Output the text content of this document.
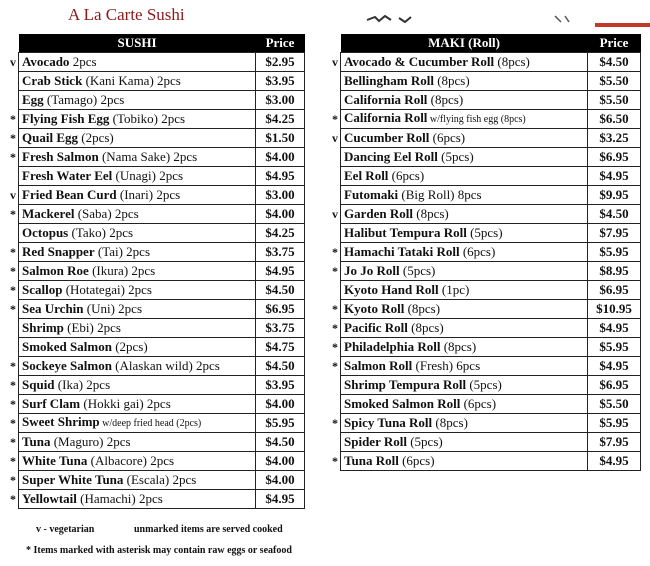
A La Carte Sushi
	SUSHI	Price
v	Avocado 2pcs	$2.95
	Crab Stick (Kani Kama) 2pcs	$3.95
	Egg (Tamago) 2pcs	$3.00
*	Flying Fish Egg (Tobiko) 2pcs	$4.25
*	Quail Egg (2pcs)	$1.50
*	Fresh Salmon (Nama Sake) 2pcs	$4.00
	Fresh Water Eel (Unagi) 2pcs	$4.95
v	Fried Bean Curd (Inari) 2pcs	$3.00
*	Mackerel (Saba) 2pcs	$4.00
	Octopus (Tako) 2pcs	$4.25
*	Red Snapper (Tai) 2pcs	$3.75
*	Salmon Roe (Ikura) 2pcs	$4.95
*	Scallop (Hotategai) 2pcs	$4.50
*	Sea Urchin (Uni) 2pcs	$6.95
	Shrimp (Ebi) 2pcs	$3.75
	Smoked Salmon (2pcs)	$4.75
*	Sockeye Salmon (Alaskan wild) 2pcs	$4.50
*	Squid (Ika) 2pcs	$3.95
*	Surf Clam (Hokki gai) 2pcs	$4.00
*	Sweet Shrimp w/deep fried head (2pcs)	$5.95
*	Tuna (Maguro) 2pcs	$4.50
*	White Tuna (Albacore) 2pcs	$4.00
*	Super White Tuna (Escala) 2pcs	$4.00
*	Yellowtail (Hamachi) 2pcs	$4.95
	MAKI (Roll)	Price
v	Avocado & Cucumber Roll (8pcs)	$4.50
	Bellingham Roll (8pcs)	$5.50
	California Roll (8pcs)	$5.50
*	California Roll w/flying fish egg (8pcs)	$6.50
v	Cucumber Roll (6pcs)	$3.25
	Dancing Eel Roll (5pcs)	$6.95
	Eel Roll (6pcs)	$4.95
	Futomaki (Big Roll) 8pcs	$9.95
v	Garden Roll (8pcs)	$4.50
	Halibut Tempura Roll (5pcs)	$7.95
*	Hamachi Tataki Roll (6pcs)	$5.95
*	Jo Jo Roll (5pcs)	$8.95
	Kyoto Hand Roll (1pc)	$6.95
*	Kyoto Roll (8pcs)	$10.95
*	Pacific Roll (8pcs)	$4.95
*	Philadelphia Roll (8pcs)	$5.95
*	Salmon Roll (Fresh) 6pcs	$4.95
	Shrimp Tempura Roll (5pcs)	$6.95
	Smoked Salmon Roll (6pcs)	$5.50
*	Spicy Tuna Roll (8pcs)	$5.95
	Spider Roll (5pcs)	$7.95
*	Tuna Roll (6pcs)	$4.95
v - vegetarian	unmarked items are served cooked
* Items marked with asterisk may contain raw eggs or seafood
